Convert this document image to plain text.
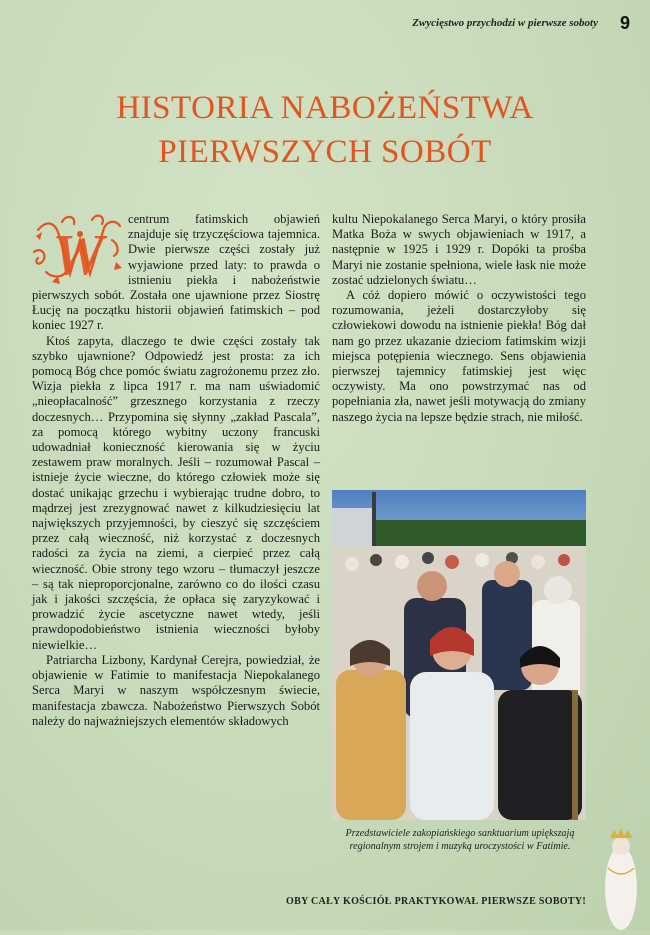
Zwycięstwo przychodzi w pierwsze soboty 9
HISTORIA NABOŻEŃSTWA
PIERWSZYCH SOBÓT
W

centrum fatimskich objawień znajduje się trzyczęściowa tajemnica. Dwie pierwsze części zostały już wyjawione przed laty: to prawda o istnieniu piekła i nabożeństwie pierwszych sobót. Została one ujawnione przez Siostrę Łucję na początku historii objawień fatimskich – pod koniec 1927 r.

Ktoś zapyta, dlaczego te dwie części zostały tak szybko ujawnione? Odpowiedź jest prosta: za ich pomocą Bóg chce pomóc światu zagrożonemu przez zło. Wizja piekła z lipca 1917 r. ma nam uświadomić „nieopłacalność” grzesznego korzystania z rzeczy doczesnych… Przypomina się słynny „zakład Pascala”, za pomocą którego wybitny uczony francuski udowadniał konieczność kierowania się w życiu zestawem praw moralnych. Jeśli – rozumował Pascal – istnieje życie wieczne, do którego człowiek może się dostać unikając grzechu i wybierając trudne dobro, to mądrzej jest zrezygnować nawet z kilkudziesięciu lat największych przyjemności, by cieszyć się szczęściem przez całą wieczność, niż korzystać z doczesnych radości za życia na ziemi, a cierpieć przez całą wieczność. Obie strony tego wzoru – tłumaczył jeszcze – są tak nieproporcjonalne, zarówno co do ilości czasu jak i jakości szczęścia, że opłaca się zaryzykować i prowadzić życie ascetyczne nawet wtedy, jeśli prawdopodobieństwo istnienia wieczności byłoby niewielkie…

Patriarcha Lizbony, Kardynał Cerejra, powiedział, że objawienie w Fatimie to manifestacja Niepokalanego Serca Maryi w naszym współczesnym świecie, manifestacja zbawcza. Nabożeństwo Pierwszych Sobót należy do najważniejszych elementów składowych

kultu Niepokalanego Serca Maryi, o który prosiła Matka Boża w swych objawieniach w 1917, a następnie w 1925 i 1929 r. Dopóki ta prośba Maryi nie zostanie spełniona, wiele łask nie może zostać udzielonych światu…

A cóż dopiero mówić o oczywistości tego rozumowania, jeżeli dostarczyłoby się człowiekowi dowodu na istnienie piekła! Bóg dał nam go przez ukazanie dzieciom fatimskim wizji miejsca potępienia wiecznego. Sens objawienia pierwszej tajemnicy fatimskiej jest więc oczywisty. Ma ono powstrzymać nas od popełniania zła, nawet jeśli motywacją do zmiany naszego życia na lepsze będzie strach, nie miłość.

Przedstawiciele zakopiańskiego sanktuarium upiększają regionalnym strojem i muzyką uroczystości w Fatimie.
OBY CAŁY KOŚCIÓŁ PRAKTYKOWAŁ PIERWSZE SOBOTY!
